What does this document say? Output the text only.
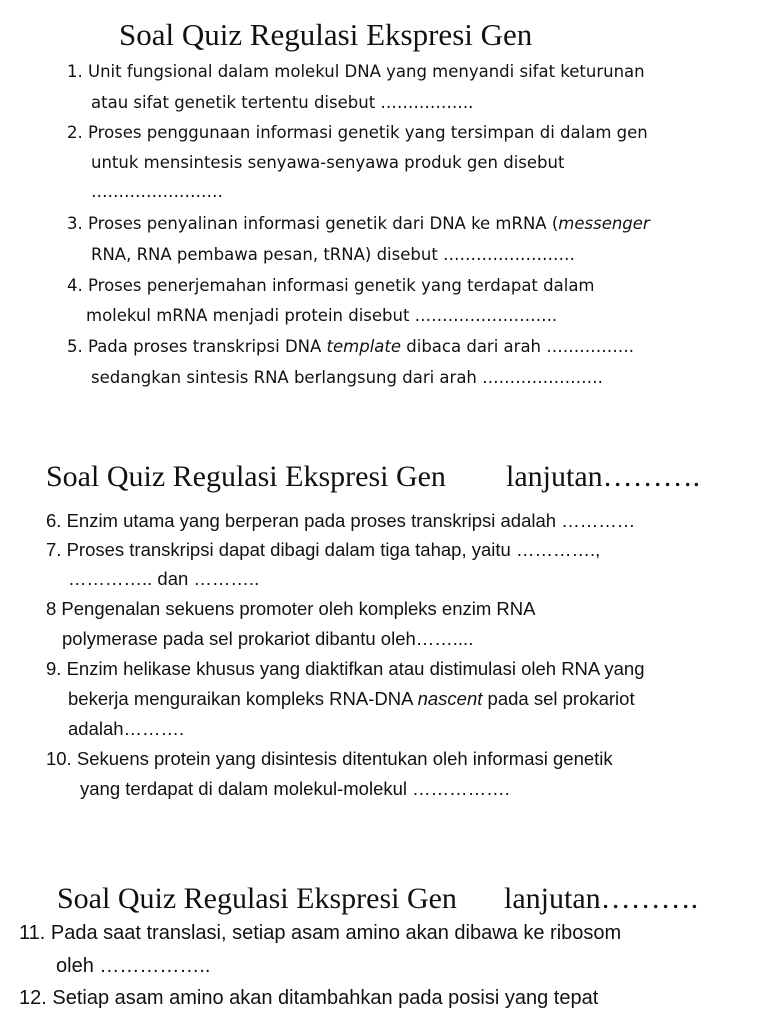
Soal Quiz Regulasi Ekspresi Gen
1. Unit fungsional dalam molekul DNA yang menyandi sifat keturunan
atau sifat genetik tertentu disebut ……………..
2. Proses penggunaan informasi genetik yang tersimpan di dalam gen
untuk mensintesis senyawa-senyawa produk gen disebut
……………………
3. Proses penyalinan informasi genetik dari DNA ke mRNA (messenger
RNA, RNA pembawa pesan, tRNA) disebut ……………………
4. Proses penerjemahan informasi genetik yang terdapat dalam
molekul mRNA menjadi protein disebut ……………………..
5. Pada proses transkripsi DNA template dibaca dari arah …………….
sedangkan sintesis RNA berlangsung dari arah ………………….
Soal Quiz Regulasi Ekspresi Gen lanjutan……….
6. Enzim utama yang berperan pada proses transkripsi adalah …………
7. Proses transkripsi dapat dibagi dalam tiga tahap, yaitu ………….,
………….. dan ………..
8 Pengenalan sekuens promoter oleh kompleks enzim RNA
polymerase pada sel prokariot dibantu oleh……....
9. Enzim helikase khusus yang diaktifkan atau distimulasi oleh RNA yang
bekerja menguraikan kompleks RNA-DNA nascent pada sel prokariot
adalah……….
10. Sekuens protein yang disintesis ditentukan oleh informasi genetik
yang terdapat di dalam molekul-molekul …………….
Soal Quiz Regulasi Ekspresi Gen lanjutan……….
11. Pada saat translasi, setiap asam amino akan dibawa ke ribosom
oleh ……………..
12. Setiap asam amino akan ditambahkan pada posisi yang tepat
